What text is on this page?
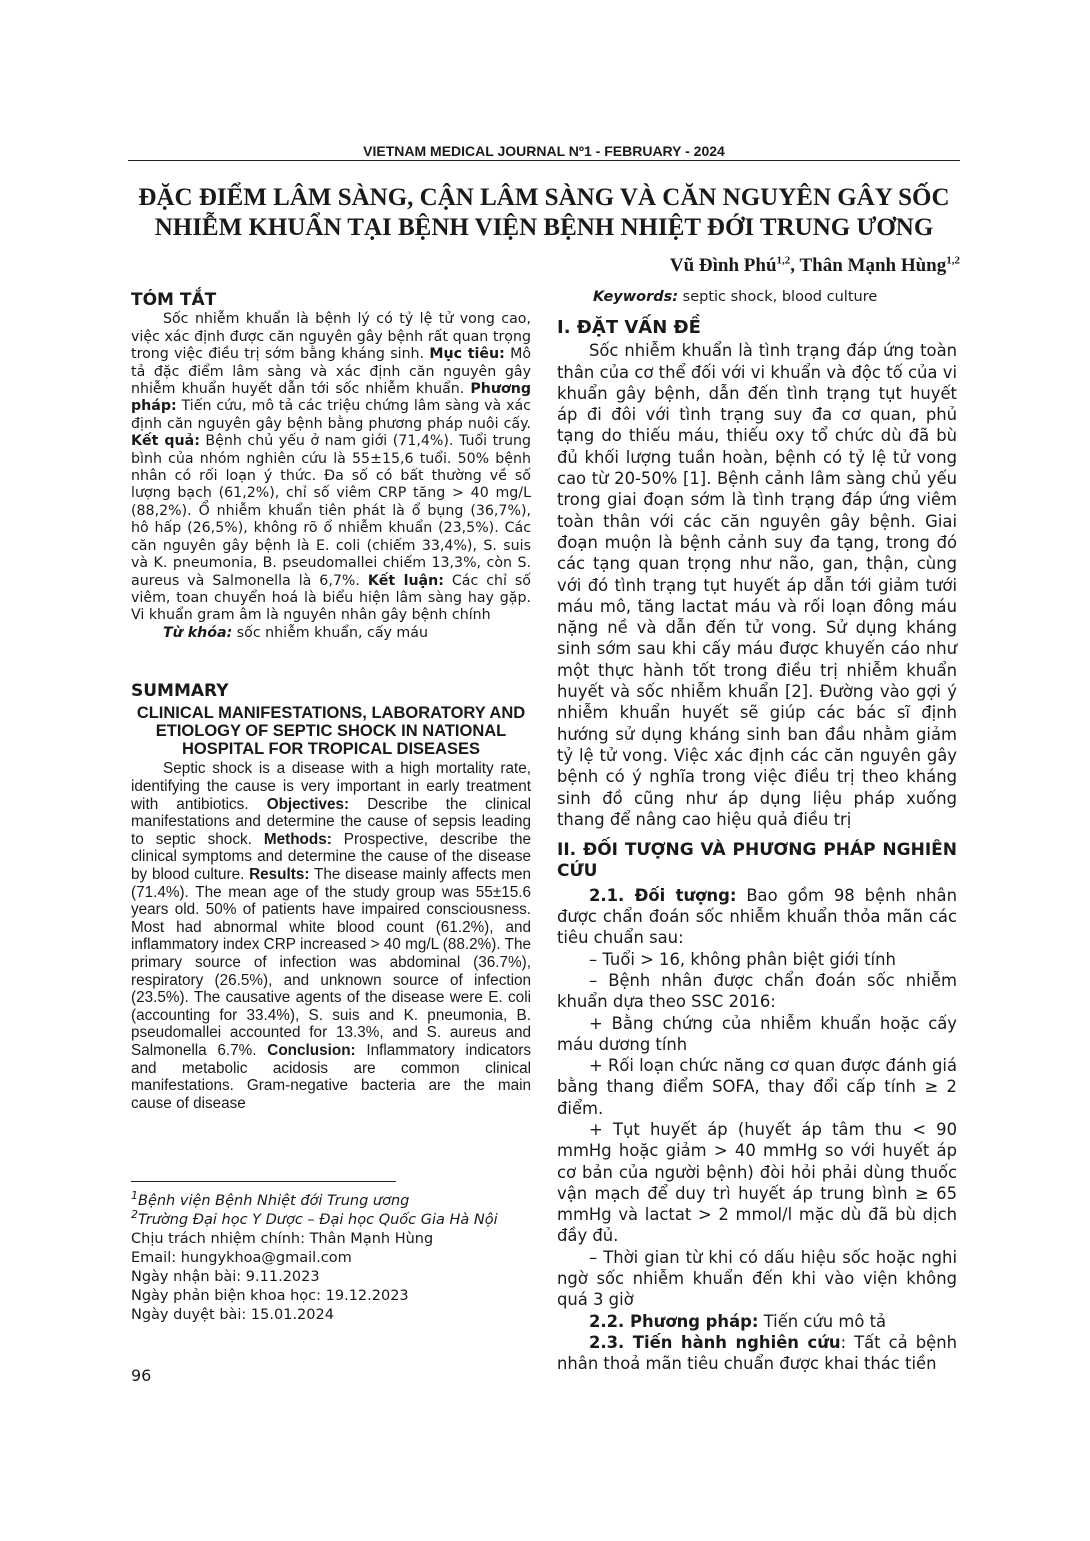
VIETNAM MEDICAL JOURNAL Nº1 - FEBRUARY - 2024
ĐẶC ĐIỂM LÂM SÀNG, CẬN LÂM SÀNG VÀ CĂN NGUYÊN GÂY SỐC
NHIỄM KHUẨN TẠI BỆNH VIỆN BỆNH NHIỆT ĐỚI TRUNG ƯƠNG
Vũ Đình Phú$^{1,2}$, Thân Mạnh Hùng$^{1,2}$
TÓM TẮT

Sốc nhiễm khuẩn là bệnh lý có tỷ lệ tử vong cao, việc xác định được căn nguyên gây bệnh rất quan trọng trong việc điều trị sớm bằng kháng sinh. Mục tiêu: Mô tả đặc điểm lâm sàng và xác định căn nguyên gây nhiễm khuẩn huyết dẫn tới sốc nhiễm khuẩn. Phương pháp: Tiến cứu, mô tả các triệu chứng lâm sàng và xác định căn nguyên gây bệnh bằng phương pháp nuôi cấy. Kết quả: Bệnh chủ yếu ở nam giới (71,4%). Tuổi trung bình của nhóm nghiên cứu là 55±15,6 tuổi. 50% bệnh nhân có rối loạn ý thức. Đa số có bất thường về số lượng bạch (61,2%), chỉ số viêm CRP tăng > 40 mg/L (88,2%). Ổ nhiễm khuẩn tiên phát là ổ bụng (36,7%), hô hấp (26,5%), không rõ ổ nhiễm khuẩn (23,5%). Các căn nguyên gây bệnh là E. coli (chiếm 33,4%), S. suis và K. pneumonia, B. pseudomallei chiếm 13,3%, còn S. aureus và Salmonella là 6,7%. Kết luận: Các chỉ số viêm, toan chuyển hoá là biểu hiện lâm sàng hay gặp. Vi khuẩn gram âm là nguyên nhân gây bệnh chính

Từ khóa: sốc nhiễm khuẩn, cấy máu

SUMMARY
CLINICAL MANIFESTATIONS, LABORATORY AND ETIOLOGY OF SEPTIC SHOCK IN NATIONAL HOSPITAL FOR TROPICAL DISEASES

Septic shock is a disease with a high mortality rate, identifying the cause is very important in early treatment with antibiotics. Objectives: Describe the clinical manifestations and determine the cause of sepsis leading to septic shock. Methods: Prospective, describe the clinical symptoms and determine the cause of the disease by blood culture. Results: The disease mainly affects men (71.4%). The mean age of the study group was 55±15.6 years old. 50% of patients have impaired consciousness. Most had abnormal white blood count (61.2%), and inflammatory index CRP increased > 40 mg/L (88.2%). The primary source of infection was abdominal (36.7%), respiratory (26.5%), and unknown source of infection (23.5%). The causative agents of the disease were E. coli (accounting for 33.4%), S. suis and K. pneumonia, B. pseudomallei accounted for 13.3%, and S. aureus and Salmonella 6.7%. Conclusion: Inflammatory indicators and metabolic acidosis are common clinical manifestations. Gram-negative bacteria are the main cause of disease

$^1$Bệnh viện Bệnh Nhiệt đới Trung ương
$^2$Trường Đại học Y Dược – Đại học Quốc Gia Hà Nội
Chịu trách nhiệm chính: Thân Mạnh Hùng
Email: hungykhoa@gmail.com
Ngày nhận bài: 9.11.2023
Ngày phản biện khoa học: 19.12.2023
Ngày duyệt bài: 15.01.2024
96

Keywords: septic shock, blood culture

I. ĐẶT VẤN ĐỀ

Sốc nhiễm khuẩn là tình trạng đáp ứng toàn thân của cơ thể đối với vi khuẩn và độc tố của vi khuẩn gây bệnh, dẫn đến tình trạng tụt huyết áp đi đôi với tình trạng suy đa cơ quan, phủ tạng do thiếu máu, thiếu oxy tổ chức dù đã bù đủ khối lượng tuần hoàn, bệnh có tỷ lệ tử vong cao từ 20-50% [1]. Bệnh cảnh lâm sàng chủ yếu trong giai đoạn sớm là tình trạng đáp ứng viêm toàn thân với các căn nguyên gây bệnh. Giai đoạn muộn là bệnh cảnh suy đa tạng, trong đó các tạng quan trọng như não, gan, thận, cùng với đó tình trạng tụt huyết áp dẫn tới giảm tưới máu mô, tăng lactat máu và rối loạn đông máu nặng nề và dẫn đến tử vong. Sử dụng kháng sinh sớm sau khi cấy máu được khuyến cáo như một thực hành tốt trong điều trị nhiễm khuẩn huyết và sốc nhiễm khuẩn [2]. Đường vào gợi ý nhiễm khuẩn huyết sẽ giúp các bác sĩ định hướng sử dụng kháng sinh ban đầu nhằm giảm tỷ lệ tử vong. Việc xác định các căn nguyên gây bệnh có ý nghĩa trong việc điều trị theo kháng sinh đồ cũng như áp dụng liệu pháp xuống thang để nâng cao hiệu quả điều trị

II. ĐỐI TƯỢNG VÀ PHƯƠNG PHÁP NGHIÊN CỨU

2.1. Đối tượng: Bao gồm 98 bệnh nhân được chẩn đoán sốc nhiễm khuẩn thỏa mãn các tiêu chuẩn sau:

– Tuổi > 16, không phân biệt giới tính

– Bệnh nhân được chẩn đoán sốc nhiễm khuẩn dựa theo SSC 2016:

+ Bằng chứng của nhiễm khuẩn hoặc cấy máu dương tính

+ Rối loạn chức năng cơ quan được đánh giá bằng thang điểm SOFA, thay đổi cấp tính ≥ 2 điểm.

+ Tụt huyết áp (huyết áp tâm thu < 90 mmHg hoặc giảm > 40 mmHg so với huyết áp cơ bản của người bệnh) đòi hỏi phải dùng thuốc vận mạch để duy trì huyết áp trung bình ≥ 65 mmHg và lactat > 2 mmol/l mặc dù đã bù dịch đầy đủ.

– Thời gian từ khi có dấu hiệu sốc hoặc nghi ngờ sốc nhiễm khuẩn đến khi vào viện không quá 3 giờ

2.2. Phương pháp: Tiến cứu mô tả

2.3. Tiến hành nghiên cứu: Tất cả bệnh nhân thoả mãn tiêu chuẩn được khai thác tiền
